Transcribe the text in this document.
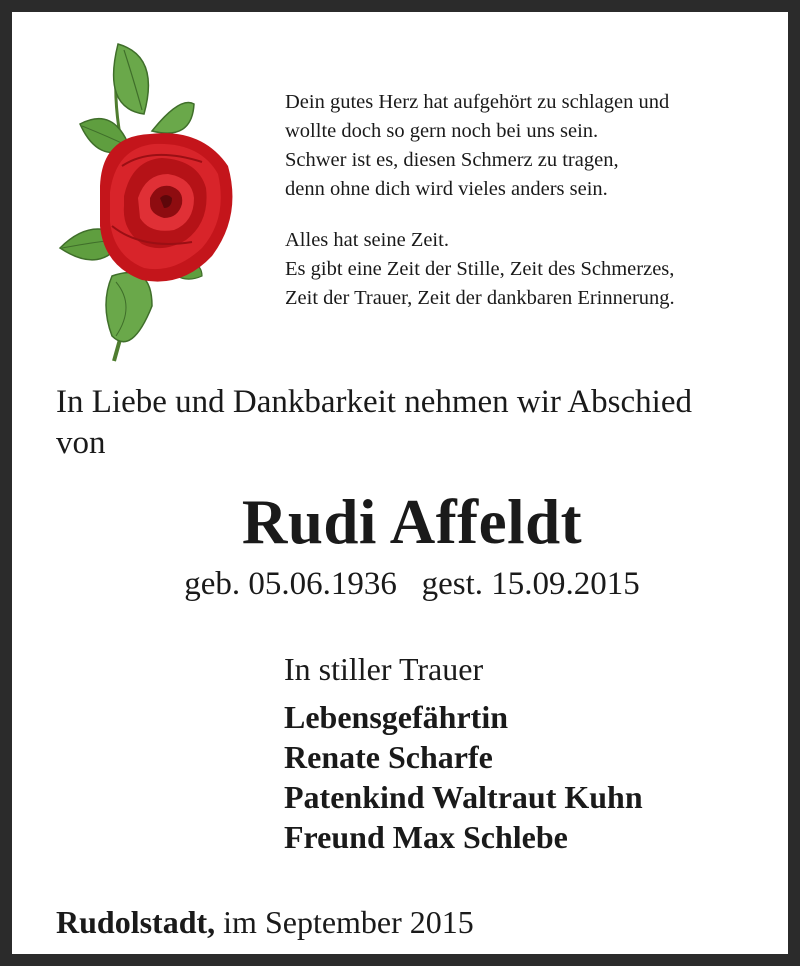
Dein gutes Herz hat aufgehört zu schlagen und
wollte doch so gern noch bei uns sein.
Schwer ist es, diesen Schmerz zu tragen,
denn ohne dich wird vieles anders sein.
Alles hat seine Zeit.
Es gibt eine Zeit der Stille, Zeit des Schmerzes,
Zeit der Trauer, Zeit der dankbaren Erinnerung.
In Liebe und Dankbarkeit nehmen wir Abschied
von
Rudi Affeldt
geb. 05.06.1936   gest. 15.09.2015
In stiller Trauer
Lebensgefährtin
Renate Scharfe
Patenkind Waltraut Kuhn
Freund Max Schlebe
Rudolstadt, im September 2015
